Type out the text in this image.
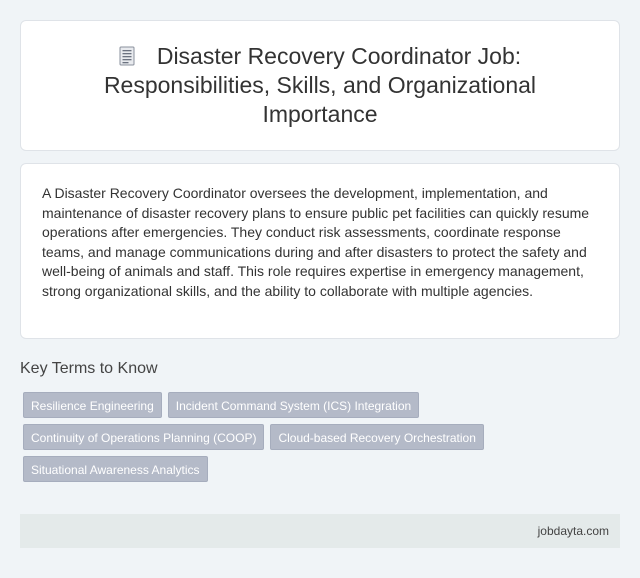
Disaster Recovery Coordinator Job: Responsibilities, Skills, and Organizational Importance

A Disaster Recovery Coordinator oversees the development, implementation, and maintenance of disaster recovery plans to ensure public pet facilities can quickly resume operations after emergencies. They conduct risk assessments, coordinate response teams, and manage communications during and after disasters to protect the safety and well-being of animals and staff. This role requires expertise in emergency management, strong organizational skills, and the ability to collaborate with multiple agencies.

Key Terms to Know
Resilience Engineering	Incident Command System (ICS) Integration
Continuity of Operations Planning (COOP)	Cloud-based Recovery Orchestration
Situational Awareness Analytics
jobdayta.com
